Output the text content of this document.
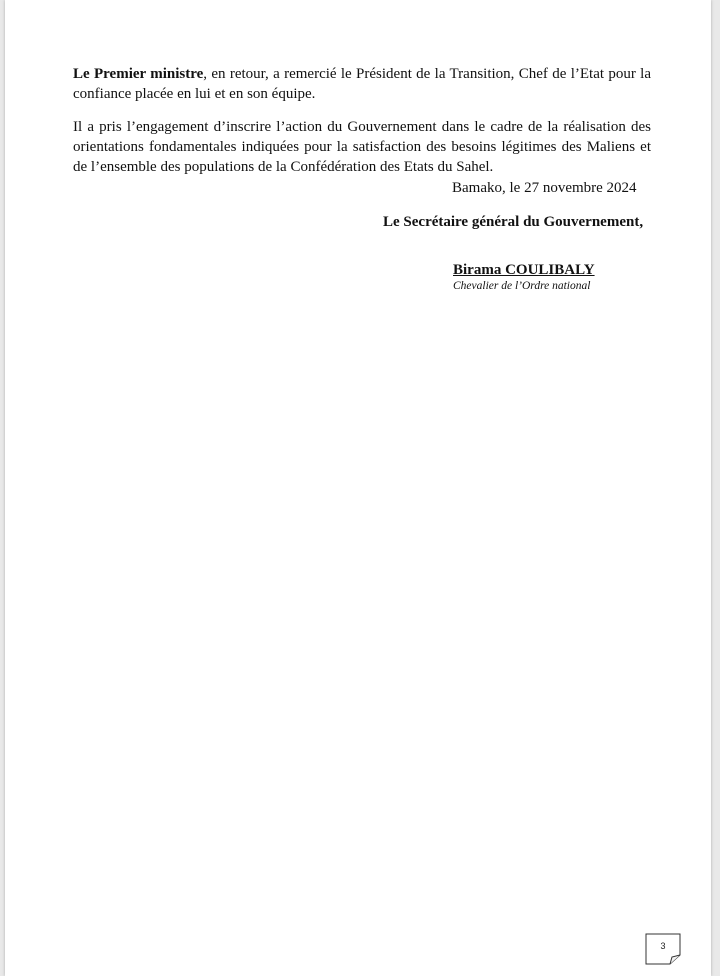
Le Premier ministre, en retour, a remercié le Président de la Transition, Chef de l’Etat pour la confiance placée en lui et en son équipe.

Il a pris l’engagement d’inscrire l’action du Gouvernement dans le cadre de la réalisation des orientations fondamentales indiquées pour la satisfaction des besoins légitimes des Maliens et de l’ensemble des populations de la Confédération des Etats du Sahel.

Bamako, le 27 novembre 2024
Le Secrétaire général du Gouvernement,
Birama COULIBALY
Chevalier de l’Ordre national
3
